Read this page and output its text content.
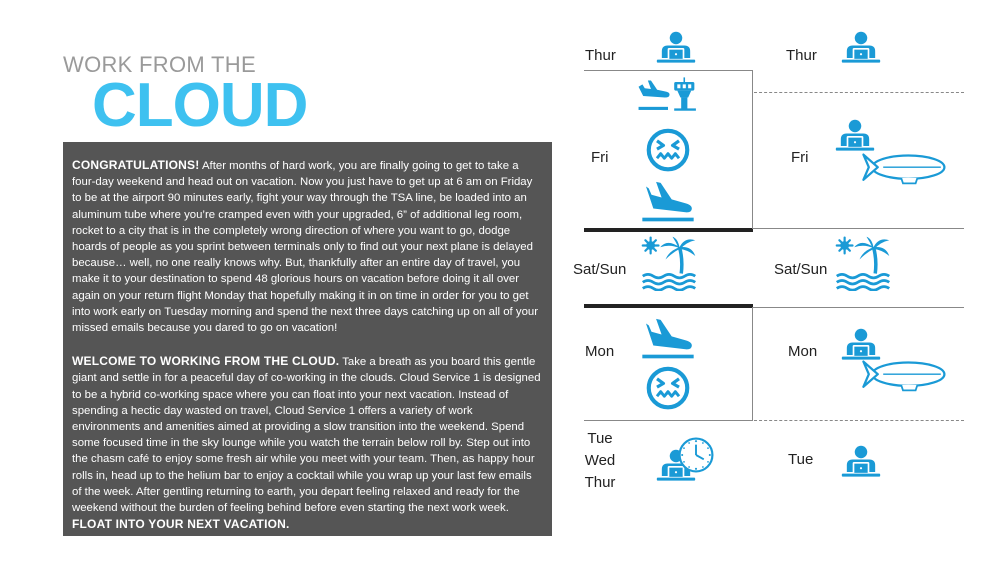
WORK FROM THE
CLOUD

CONGRATULATIONS! After months of hard work, you are finally going to get to take a four-day weekend and head out on vacation. Now you just have to get up at 6 am on Friday to be at the airport 90 minutes early, fight your way through the TSA line, be loaded into an aluminum tube where you’re cramped even with your upgraded, 6” of additional leg room, rocket to a city that is in the completely wrong direction of where you want to go, dodge hoards of people as you sprint between terminals only to find out your next plane is delayed because… well, no one really knows why. But, thankfully after an entire day of travel, you make it to your destination to spend 48 glorious hours on vacation before doing it all over again on your return flight Monday that hopefully making it in on time in order for you to get into work early on Tuesday morning and spend the next three days catching up on all of your missed emails because you dared to go on vacation!

WELCOME TO WORKING FROM THE CLOUD. Take a breath as you board this gentle giant and settle in for a peaceful day of co-working in the clouds. Cloud Service 1 is designed to be a hybrid co-working space where you can float into your next vacation. Instead of spending a hectic day wasted on travel, Cloud Service 1 offers a variety of work environments and amenities aimed at providing a slow transition into the weekend. Spend some focused time in the sky lounge while you watch the terrain below roll by. Step out into the chasm café to enjoy some fresh air while you meet with your team. Then, as happy hour rolls in, head up to the helium bar to enjoy a cocktail while you wrap up your last few emails of the week. After gentling returning to earth, you depart feeling relaxed and ready for the weekend without the burden of feeling behind before even starting the next work week.
FLOAT INTO YOUR NEXT VACATION.

Thur
Fri
Sat/Sun
Mon
Tue
Wed
Thur
Thur
Fri
Sat/Sun
Mon
Tue
